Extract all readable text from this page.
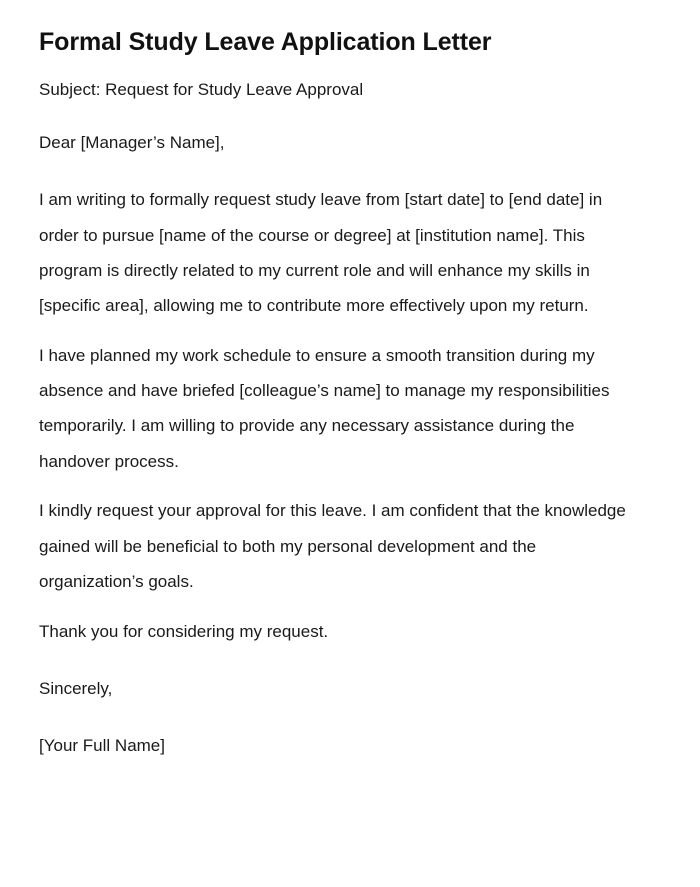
Formal Study Leave Application Letter

Subject: Request for Study Leave Approval

Dear [Manager’s Name],

I am writing to formally request study leave from [start date] to [end date] in order to pursue [name of the course or degree] at [institution name]. This program is directly related to my current role and will enhance my skills in [specific area], allowing me to contribute more effectively upon my return.

I have planned my work schedule to ensure a smooth transition during my absence and have briefed [colleague’s name] to manage my responsibilities temporarily. I am willing to provide any necessary assistance during the handover process.

I kindly request your approval for this leave. I am confident that the knowledge gained will be beneficial to both my personal development and the organization’s goals.

Thank you for considering my request.

Sincerely,

[Your Full Name]
